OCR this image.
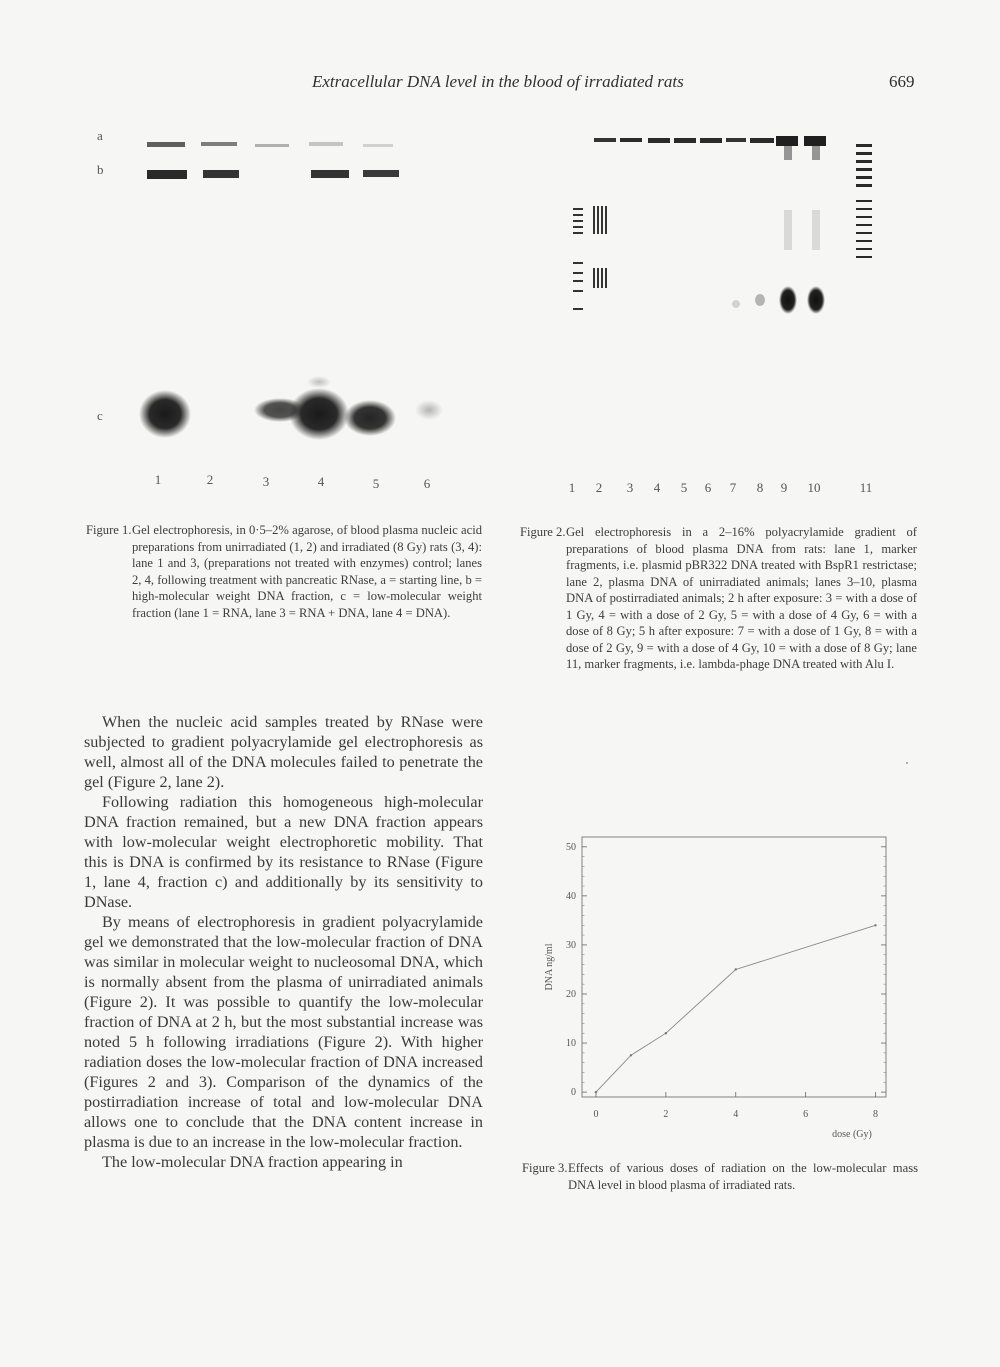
Extracellular DNA level in the blood of irradiated rats	669
a
b
c
1	2	3	4	5	6	1	2	3	4	5	6	7	8	9	10	11
Figure 1. Gel electrophoresis, in 0·5–2% agarose, of blood plasma nucleic acid preparations from unirradiated (1, 2) and irradiated (8 Gy) rats (3, 4): lane 1 and 3, (preparations not treated with enzymes) control; lanes 2, 4, following treatment with pancreatic RNase, a = starting line, b = high-molecular weight DNA fraction, c = low-molecular weight fraction (lane 1 = RNA, lane 3 = RNA + DNA, lane 4 = DNA).
Figure 2. Gel electrophoresis in a 2–16% polyacrylamide gradient of preparations of blood plasma DNA from rats: lane 1, marker fragments, i.e. plasmid pBR322 DNA treated with BspR1 restrictase; lane 2, plasma DNA of unirradiated animals; lanes 3–10, plasma DNA of postirradiated animals; 2 h after exposure: 3 = with a dose of 1 Gy, 4 = with a dose of 2 Gy, 5 = with a dose of 4 Gy, 6 = with a dose of 8 Gy; 5 h after exposure: 7 = with a dose of 1 Gy, 8 = with a dose of 2 Gy, 9 = with a dose of 4 Gy, 10 = with a dose of 8 Gy; lane 11, marker fragments, i.e. lambda-phage DNA treated with Alu I.

When the nucleic acid samples treated by RNase were subjected to gradient polyacrylamide gel electrophoresis as well, almost all of the DNA molecules failed to penetrate the gel (Figure 2, lane 2).

Following radiation this homogeneous high-molecular DNA fraction remained, but a new DNA fraction appears with low-molecular weight electrophoretic mobility. That this is DNA is confirmed by its resistance to RNase (Figure 1, lane 4, fraction c) and additionally by its sensitivity to DNase.

By means of electrophoresis in gradient polyacrylamide gel we demonstrated that the low-molecular fraction of DNA was similar in molecular weight to nucleosomal DNA, which is normally absent from the plasma of unirradiated animals (Figure 2). It was possible to quantify the low-molecular fraction of DNA at 2 h, but the most substantial increase was noted 5 h following irradiations (Figure 2). With higher radiation doses the low-molecular fraction of DNA increased (Figures 2 and 3). Comparison of the dynamics of the postirradiation increase of total and low-molecular DNA allows one to conclude that the DNA content increase in plasma is due to an increase in the low-molecular fraction.

The low-molecular DNA fraction appearing in

0
10
20
30
40
50
0	2	4	6	8
dose (Gy)
DNA ng/ml
Figure 3. Effects of various doses of radiation on the low-molecular mass DNA level in blood plasma of irradiated rats.
